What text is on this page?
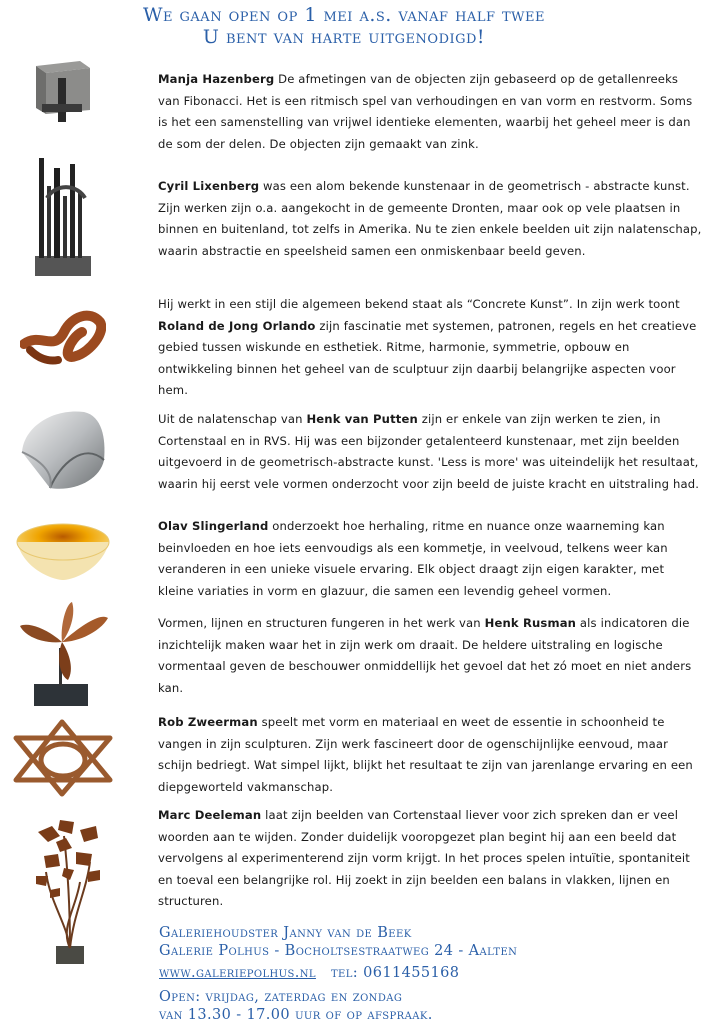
We gaan open op 1 mei a.s. vanaf half twee
U bent van harte uitgenodigd!
Manja Hazenberg De afmetingen van de objecten zijn gebaseerd op de getallenreeks van Fibonacci. Het is een ritmisch spel van verhoudingen en van vorm en restvorm. Soms is het een samenstelling van vrijwel identieke elementen, waarbij het geheel meer is dan de som der delen. De objecten zijn gemaakt van zink.
Cyril Lixenberg was een alom bekende kunstenaar in de geometrisch - abstracte kunst. Zijn werken zijn o.a. aangekocht in de gemeente Dronten, maar ook op vele plaatsen in binnen en buitenland, tot zelfs in Amerika. Nu te zien enkele beelden uit zijn nalatenschap, waarin abstractie en speelsheid samen een onmiskenbaar beeld geven.
Hij werkt in een stijl die algemeen bekend staat als “Concrete Kunst”. In zijn werk toont Roland de Jong Orlando zijn fascinatie met systemen, patronen, regels en het creatieve gebied tussen wiskunde en esthetiek. Ritme, harmonie, symmetrie, opbouw en ontwikkeling binnen het geheel van de sculptuur zijn daarbij belangrijke aspecten voor hem.
Uit de nalatenschap van Henk van Putten zijn er enkele van zijn werken te zien, in Cortenstaal en in RVS. Hij was een bijzonder getalenteerd kunstenaar, met zijn beelden uitgevoerd in de geometrisch-abstracte kunst. 'Less is more' was uiteindelijk het resultaat, waarin hij eerst vele vormen onderzocht voor zijn beeld de juiste kracht en uitstraling had.
Olav Slingerland onderzoekt hoe herhaling, ritme en nuance onze waarneming kan beinvloeden en hoe iets eenvoudigs als een kommetje, in veelvoud, telkens weer kan veranderen in een unieke visuele ervaring. Elk object draagt zijn eigen karakter, met kleine variaties in vorm en glazuur, die samen een levendig geheel vormen.
Vormen, lijnen en structuren fungeren in het werk van Henk Rusman als indicatoren die inzichtelijk maken waar het in zijn werk om draait. De heldere uitstraling en logische vormentaal geven de beschouwer onmiddellijk het gevoel dat het zó moet en niet anders kan.
Rob Zweerman speelt met vorm en materiaal en weet de essentie in schoonheid te vangen in zijn sculpturen. Zijn werk fascineert door de ogenschijnlijke eenvoud, maar schijn bedriegt. Wat simpel lijkt, blijkt het resultaat te zijn van jarenlange ervaring en een diepgeworteld vakmanschap.
Marc Deeleman laat zijn beelden van Cortenstaal liever voor zich spreken dan er veel woorden aan te wijden. Zonder duidelijk vooropgezet plan begint hij aan een beeld dat vervolgens al experimenterend zijn vorm krijgt. In het proces spelen intuïtie, spontaniteit en toeval een belangrijke rol. Hij zoekt in zijn beelden een balans in vlakken, lijnen en structuren.
Galeriehoudster Janny van de Beek
Galerie Polhus - Bocholtsestraatweg 24 - Aalten
www.galeriepolhus.nl tel: 0611455168
Open: vrijdag, zaterdag en zondag
van 13.30 - 17.00 uur of op afspraak.
